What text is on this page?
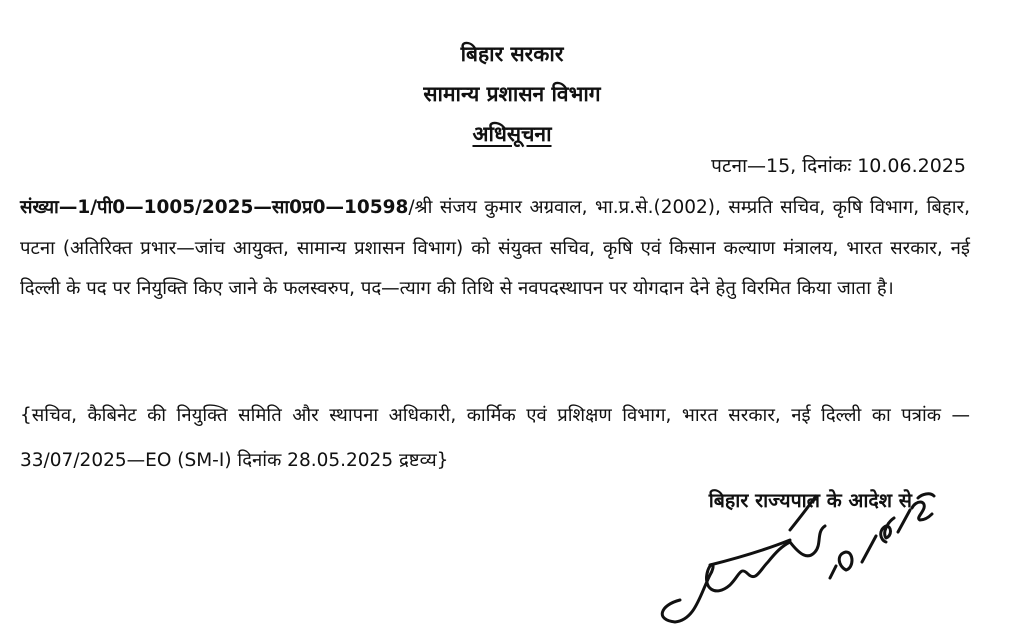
बिहार सरकार
सामान्य प्रशासन विभाग
अधिसूचना
पटना—15, दिनांकः 10.06.2025
संख्या—1/पी0—1005/2025—सा0प्र0—10598/श्री संजय कुमार अग्रवाल, भा.प्र.से.(2002), सम्प्रति सचिव, कृषि विभाग, बिहार, पटना (अतिरिक्त प्रभार—जांच आयुक्त, सामान्य प्रशासन विभाग) को संयुक्त सचिव, कृषि एवं किसान कल्याण मंत्रालय, भारत सरकार, नई दिल्ली के पद पर नियुक्ति किए जाने के फलस्वरुप, पद—त्याग की तिथि से नवपदस्थापन पर योगदान देने हेतु विरमित किया जाता है।
{सचिव, कैबिनेट की नियुक्ति समिति और स्थापना अधिकारी, कार्मिक एवं प्रशिक्षण विभाग, भारत सरकार, नई दिल्ली का पत्रांक —33/07/2025—EO (SM-I) दिनांक 28.05.2025 द्रष्टव्य}
बिहार राज्यपाल के आदेश से
